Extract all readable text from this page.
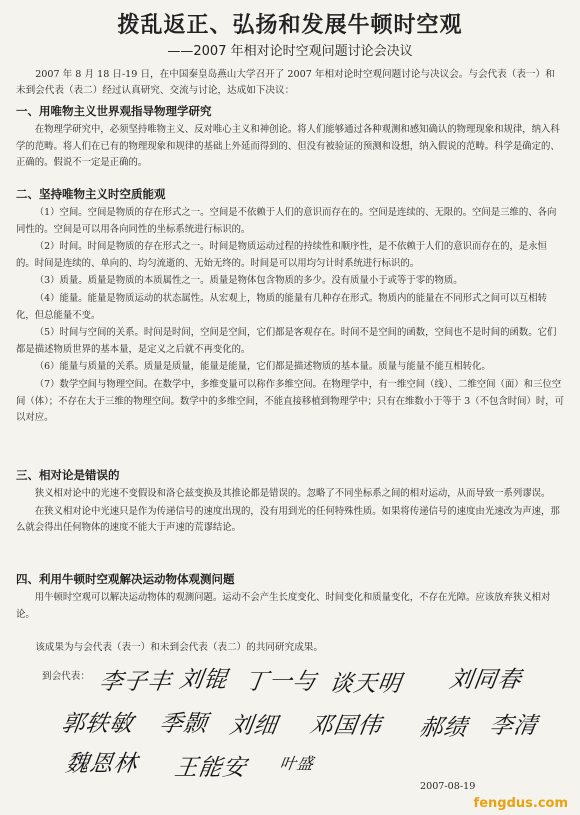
拨乱返正、弘扬和发展牛顿时空观
——2007 年相对论时空观问题讨论会决议

2007 年 8 月 18 日-19 日，在中国秦皇岛燕山大学召开了 2007 年相对论时空观问题讨论与决议会。与会代表（表一）和未到会代表（表二）经过认真研究、交流与讨论，达成如下决议：

一、用唯物主义世界观指导物理学研究

在物理学研究中，必须坚持唯物主义、反对唯心主义和神创论。将人们能够通过各种观测和感知确认的物理现象和规律，纳入科学的范畴。将人们在已有的物理现象和规律的基础上外延而得到的、但没有被验证的预测和设想，纳入假说的范畴。科学是确定的、正确的。假说不一定是正确的。

二、坚持唯物主义时空质能观

（1）空间。空间是物质的存在形式之一。空间是不依赖于人们的意识而存在的。空间是连续的、无限的。空间是三维的、各向同性的。空间是可以用各向同性的坐标系统进行标识的。

（2）时间。时间是物质的存在形式之一。时间是物质运动过程的持续性和顺序性，是不依赖于人们的意识而存在的，是永恒的。时间是连续的、单向的、均匀流逝的、无始无终的。时间是可以用均匀计时系统进行标识的。

（3）质量。质量是物质的本质属性之一。质量是物体包含物质的多少。没有质量小于或等于零的物质。

（4）能量。能量是物质运动的状态属性。从宏观上，物质的能量有几种存在形式。物质内的能量在不同形式之间可以互相转化，但总能量不变。

（5）时间与空间的关系。时间是时间，空间是空间，它们都是客观存在。时间不是空间的函数，空间也不是时间的函数。它们都是描述物质世界的基本量，是定义之后就不再变化的。

（6）能量与质量的关系。质量是质量，能量是能量，它们都是描述物质的基本量。质量与能量不能互相转化。

（7）数学空间与物理空间。在数学中，多维变量可以称作多维空间。在物理学中，有一维空间（线）、二维空间（面）和三位空间（体）；不存在大于三维的物理空间。数学中的多维空间，不能直接移植到物理学中；只有在维数小于等于 3（不包含时间）时，可以对应。

三、相对论是错误的

狭义相对论中的光速不变假设和洛仑兹变换及其推论都是错误的。忽略了不同坐标系之间的相对运动，从而导致一系列谬误。

在狭义相对论中光速只是作为传递信号的速度出现的，没有用到光的任何特殊性质。如果将传递信号的速度由光速改为声速，那么就会得出任何物体的速度不能大于声速的荒谬结论。

四、利用牛顿时空观解决运动物体观测问题

用牛顿时空观可以解决运动物体的观测问题。运动不会产生长度变化、时间变化和质量变化，不存在光障。应该放弃狭义相对论。

该成果为与会代表（表一）和未到会代表（表二）的共同研究成果。

到会代表： 李子丰 刘锟 丁一与 谈天明 刘同春
郭轶敏 季颢 刘细 邓国伟 郝绩 李清
魏恩林 王能安 叶盛
2007-08-19
fengdus.com
